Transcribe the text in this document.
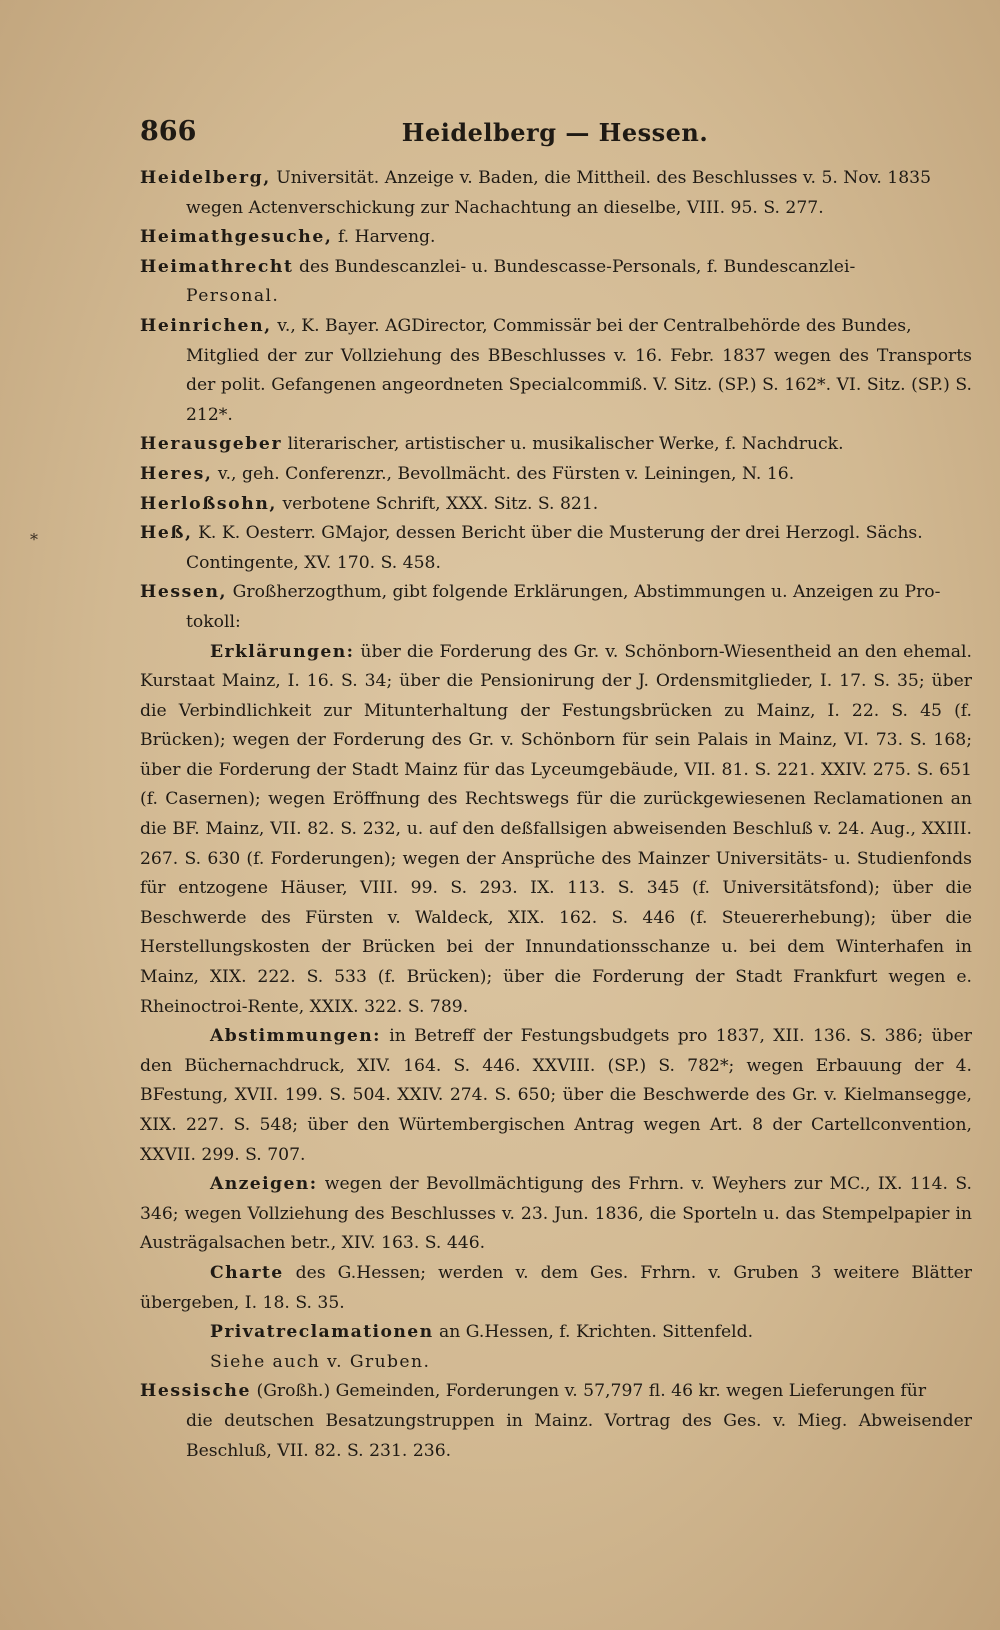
866	Heidelberg — Hessen.
*

Heidelberg, Universität. Anzeige v. Baden, die Mittheil. des Beschlusses v. 5. Nov. 1835
wegen Actenverschickung zur Nachachtung an dieselbe, VIII. 95. S. 277.

Heimathgesuche, f. Harveng.

Heimathrecht des Bundescanzlei- u. Bundescasse-Personals, f. Bundescanzlei-
Personal.

Heinrichen, v., K. Bayer. AGDirector, Commissär bei der Centralbehörde des Bundes,
Mitglied der zur Vollziehung des BBeschlusses v. 16. Febr. 1837 wegen des Transports der polit. Gefangenen angeordneten Specialcommiß. V. Sitz. (SP.) S. 162*. VI. Sitz. (SP.) S. 212*.

Herausgeber literarischer, artistischer u. musikalischer Werke, f. Nachdruck.

Heres, v., geh. Conferenzr., Bevollmächt. des Fürsten v. Leiningen, N. 16.

Herloßsohn, verbotene Schrift, XXX. Sitz. S. 821.

Heß, K. K. Oesterr. GMajor, dessen Bericht über die Musterung der drei Herzogl. Sächs.
Contingente, XV. 170. S. 458.

Hessen, Großherzogthum, gibt folgende Erklärungen, Abstimmungen u. Anzeigen zu Pro-
tokoll:

Erklärungen: über die Forderung des Gr. v. Schönborn-Wiesentheid an den ehemal. Kurstaat Mainz, I. 16. S. 34; über die Pensionirung der J. Ordensmitglieder, I. 17. S. 35; über die Verbindlichkeit zur Mitunterhaltung der Festungsbrücken zu Mainz, I. 22. S. 45 (f. Brücken); wegen der Forderung des Gr. v. Schönborn für sein Palais in Mainz, VI. 73. S. 168; über die Forderung der Stadt Mainz für das Lyceumgebäude, VII. 81. S. 221. XXIV. 275. S. 651 (f. Casernen); wegen Eröffnung des Rechtswegs für die zurückgewiesenen Reclamationen an die BF. Mainz, VII. 82. S. 232, u. auf den deßfallsigen abweisenden Beschluß v. 24. Aug., XXIII. 267. S. 630 (f. Forderungen); wegen der Ansprüche des Mainzer Universitäts- u. Studienfonds für entzogene Häuser, VIII. 99. S. 293. IX. 113. S. 345 (f. Universitätsfond); über die Beschwerde des Fürsten v. Waldeck, XIX. 162. S. 446 (f. Steuererhebung); über die Herstellungskosten der Brücken bei der Innundationsschanze u. bei dem Winterhafen in Mainz, XIX. 222. S. 533 (f. Brücken); über die Forderung der Stadt Frankfurt wegen e. Rheinoctroi-Rente, XXIX. 322. S. 789.

Abstimmungen: in Betreff der Festungsbudgets pro 1837, XII. 136. S. 386; über den Büchernachdruck, XIV. 164. S. 446. XXVIII. (SP.) S. 782*; wegen Erbauung der 4. BFestung, XVII. 199. S. 504. XXIV. 274. S. 650; über die Beschwerde des Gr. v. Kielmansegge, XIX. 227. S. 548; über den Würtembergischen Antrag wegen Art. 8 der Cartellconvention, XXVII. 299. S. 707.

Anzeigen: wegen der Bevollmächtigung des Frhrn. v. Weyhers zur MC., IX. 114. S. 346; wegen Vollziehung des Beschlusses v. 23. Jun. 1836, die Sporteln u. das Stempelpapier in Austrägalsachen betr., XIV. 163. S. 446.

Charte des G.Hessen; werden v. dem Ges. Frhrn. v. Gruben 3 weitere Blätter übergeben, I. 18. S. 35.

Privatreclamationen an G.Hessen, f. Krichten. Sittenfeld.

Siehe auch v. Gruben.

Hessische (Großh.) Gemeinden, Forderungen v. 57,797 fl. 46 kr. wegen Lieferungen für
die deutschen Besatzungstruppen in Mainz. Vortrag des Ges. v. Mieg. Abweisender Beschluß, VII. 82. S. 231. 236.
